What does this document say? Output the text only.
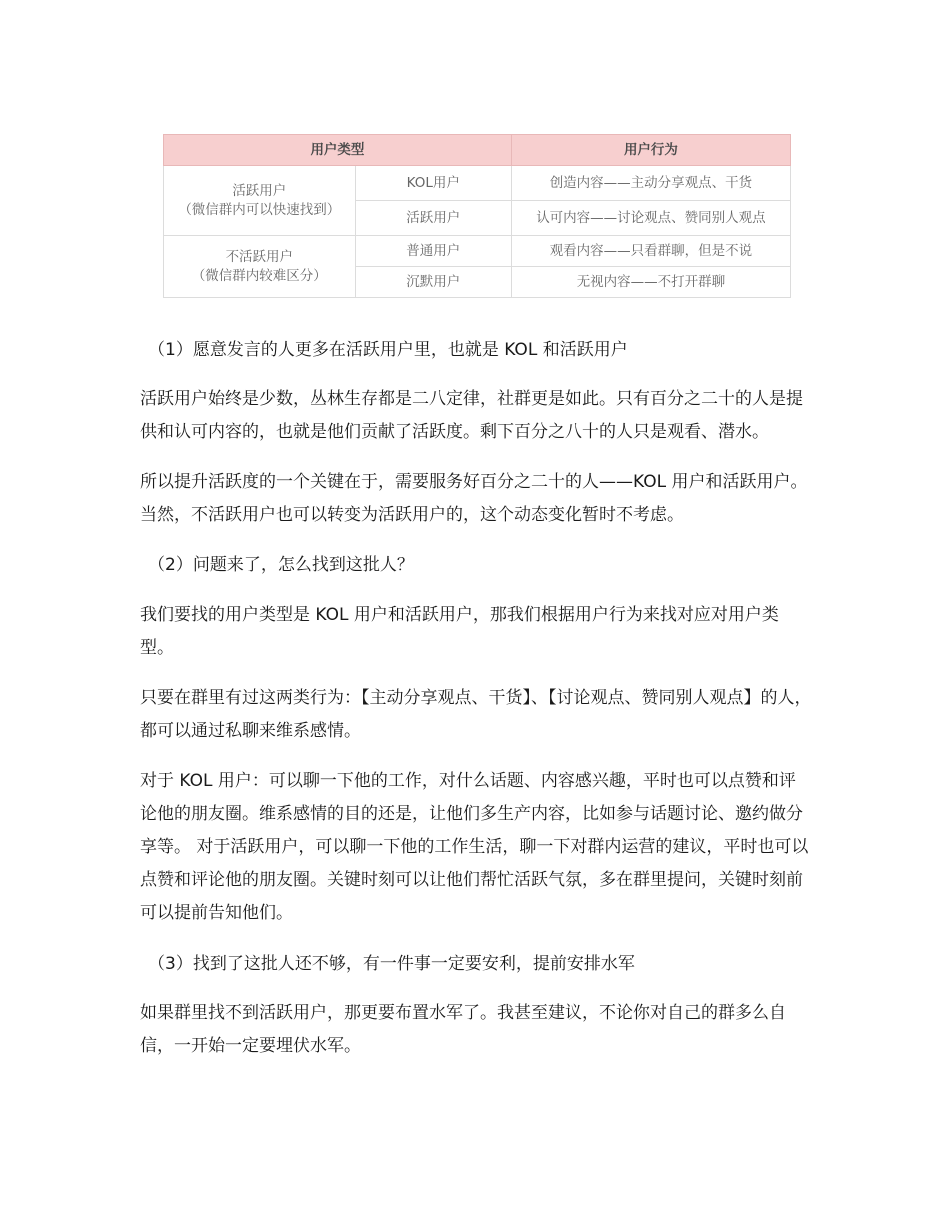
用户类型		用户行为
活跃用户
（微信群内可以快速找到）	KOL用户	创造内容——主动分享观点、干货
	活跃用户	认可内容——讨论观点、赞同别人观点
不活跃用户
（微信群内较难区分）	普通用户	观看内容——只看群聊，但是不说
	沉默用户	无视内容——不打开群聊

（1）愿意发言的人更多在活跃用户里，也就是 KOL 和活跃用户

活跃用户始终是少数，丛林生存都是二八定律，社群更是如此。只有百分之二十的人是提供和认可内容的，也就是他们贡献了活跃度。剩下百分之八十的人只是观看、潜水。

所以提升活跃度的一个关键在于，需要服务好百分之二十的人——KOL 用户和活跃用户。当然，不活跃用户也可以转变为活跃用户的，这个动态变化暂时不考虑。

（2）问题来了，怎么找到这批人？

我们要找的用户类型是 KOL 用户和活跃用户，那我们根据用户行为来找对应对用户类型。

只要在群里有过这两类行为：【主动分享观点、干货】、【讨论观点、赞同别人观点】的人，都可以通过私聊来维系感情。

对于 KOL 用户：可以聊一下他的工作，对什么话题、内容感兴趣，平时也可以点赞和评论他的朋友圈。维系感情的目的还是，让他们多生产内容，比如参与话题讨论、邀约做分享等。 对于活跃用户，可以聊一下他的工作生活，聊一下对群内运营的建议，平时也可以点赞和评论他的朋友圈。关键时刻可以让他们帮忙活跃气氛，多在群里提问，关键时刻前可以提前告知他们。

（3）找到了这批人还不够，有一件事一定要安利，提前安排水军

如果群里找不到活跃用户，那更要布置水军了。我甚至建议，不论你对自己的群多么自信，一开始一定要埋伏水军。
